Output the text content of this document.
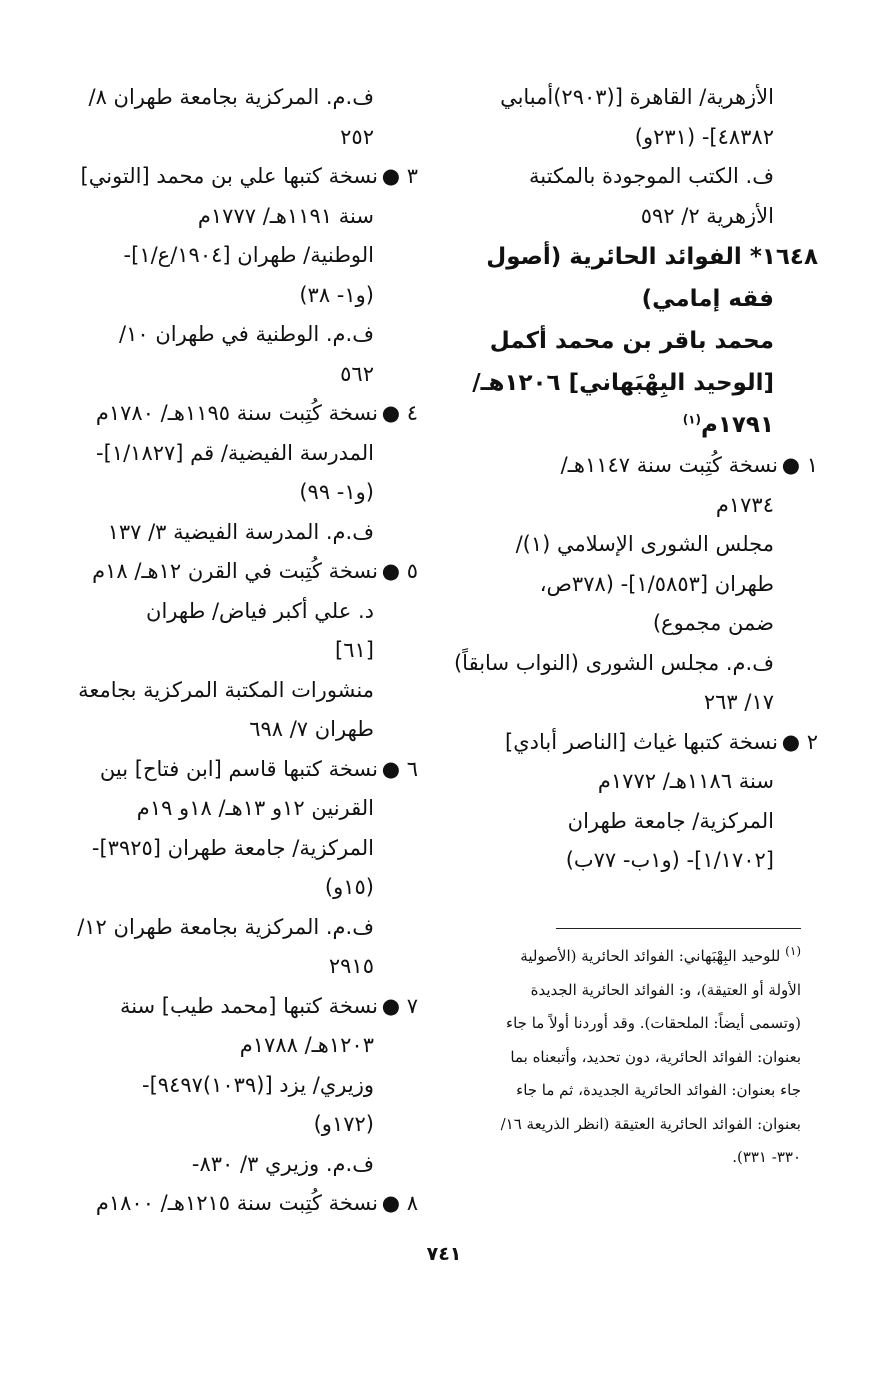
الأزهرية/ القاهرة [(٢٩٠٣)أمبابي
٤٨٣٨٢]- (٢٣١و)
ف. الكتب الموجودة بالمكتبة
الأزهرية ٢/ ٥٩٢
١٦٤٨* الفوائد الحائرية (أصول
فقه إمامي)
محمد باقر بن محمد أكمل
[الوحيد البِهْبَهاني] ١٢٠٦هـ/
١٧٩١م$^{(١)}$
١ ●نسخة كُتِبت سنة ١١٤٧هـ/
١٧٣٤م
مجلس الشورى الإسلامي (١)/
طهران [١/٥٨٥٣]- (٣٧٨ص،
ضمن مجموع)
ف.م. مجلس الشورى (النواب سابقاً)
١٧/ ٢٦٣
٢ ●نسخة كتبها غياث [الناصر أبادي]
سنة ١١٨٦هـ/ ١٧٧٢م
المركزية/ جامعة طهران
[١/١٧٠٢]- (و١ب- ٧٧ب)
ف.م. المركزية بجامعة طهران ٨/
٢٥٢
٣ ●نسخة كتبها علي بن محمد [التوني]
سنة ١١٩١هـ/ ١٧٧٧م
الوطنية/ طهران [١٩٠٤/ع/١]-
(و١- ٣٨)
ف.م. الوطنية في طهران ١٠/
٥٦٢
٤ ●نسخة كُتِبت سنة ١١٩٥هـ/ ١٧٨٠م
المدرسة الفيضية/ قم [١/١٨٢٧]-
(و١- ٩٩)
ف.م. المدرسة الفيضية ٣/ ١٣٧
٥ ●نسخة كُتِبت في القرن ١٢هـ/ ١٨م
د. علي أكبر فياض/ طهران
[٦١]
منشورات المكتبة المركزية بجامعة
طهران ٧/ ٦٩٨
٦ ●نسخة كتبها قاسم [ابن فتاح] بين
القرنين ١٢و ١٣هـ/ ١٨و ١٩م
المركزية/ جامعة طهران [٣٩٢٥]-
(١٥و)
ف.م. المركزية بجامعة طهران ١٢/
٢٩١٥
٧ ●نسخة كتبها [محمد طيب] سنة
١٢٠٣هـ/ ١٧٨٨م
وزيري/ يزد [(١٠٣٩)٩٤٩٧]-
(١٧٢و)
ف.م. وزيري ٣/ ٨٣٠-
٨ ●نسخة كُتِبت سنة ١٢١٥هـ/ ١٨٠٠م
$^{(١)}$ للوحيد البِهْبَهاني: الفوائد الحائرية (الأصولية
الأولة أو العتيقة)، و: الفوائد الحائرية الجديدة
(وتسمى أيضاً: الملحقات). وقد أوردنا أولاً ما جاء
بعنوان: الفوائد الحائرية، دون تحديد، وأتبعناه بما
جاء بعنوان: الفوائد الحائرية الجديدة، ثم ما جاء
بعنوان: الفوائد الحائرية العتيقة (انظر الذريعة ١٦/
٣٣٠- ٣٣١).
٧٤١
